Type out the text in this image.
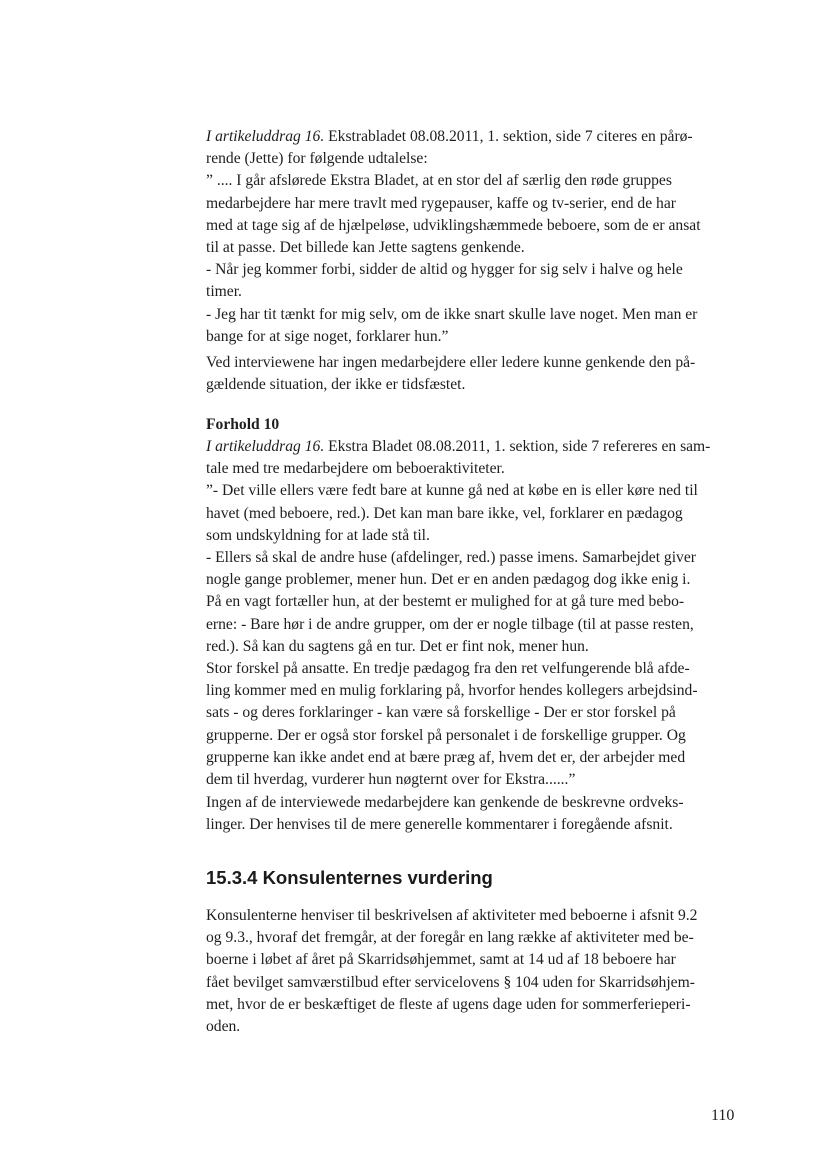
I artikeluddrag 16. Ekstrabladet 08.08.2011, 1. sektion, side 7 citeres en pårø-
rende (Jette) for følgende udtalelse:
” .... I går afslørede Ekstra Bladet, at en stor del af særlig den røde gruppes
medarbejdere har mere travlt med rygepauser, kaffe og tv-serier, end de har
med at tage sig af de hjælpeløse, udviklingshæmmede beboere, som de er ansat
til at passe. Det billede kan Jette sagtens genkende.
- Når jeg kommer forbi, sidder de altid og hygger for sig selv i halve og hele
timer.
- Jeg har tit tænkt for mig selv, om de ikke snart skulle lave noget. Men man er
bange for at sige noget, forklarer hun.”
Ved interviewene har ingen medarbejdere eller ledere kunne genkende den på-
gældende situation, der ikke er tidsfæstet.
Forhold 10
I artikeluddrag 16. Ekstra Bladet 08.08.2011, 1. sektion, side 7 refereres en sam-
tale med tre medarbejdere om beboeraktiviteter.
”- Det ville ellers være fedt bare at kunne gå ned at købe en is eller køre ned til
havet (med beboere, red.). Det kan man bare ikke, vel, forklarer en pædagog
som undskyldning for at lade stå til.
- Ellers så skal de andre huse (afdelinger, red.) passe imens. Samarbejdet giver
nogle gange problemer, mener hun. Det er en anden pædagog dog ikke enig i.
På en vagt fortæller hun, at der bestemt er mulighed for at gå ture med bebo-
erne: - Bare hør i de andre grupper, om der er nogle tilbage (til at passe resten,
red.). Så kan du sagtens gå en tur. Det er fint nok, mener hun.
Stor forskel på ansatte. En tredje pædagog fra den ret velfungerende blå afde-
ling kommer med en mulig forklaring på, hvorfor hendes kollegers arbejdsind-
sats - og deres forklaringer - kan være så forskellige - Der er stor forskel på
grupperne. Der er også stor forskel på personalet i de forskellige grupper. Og
grupperne kan ikke andet end at bære præg af, hvem det er, der arbejder med
dem til hverdag, vurderer hun nøgternt over for Ekstra......”
Ingen af de interviewede medarbejdere kan genkende de beskrevne ordveks-
linger. Der henvises til de mere generelle kommentarer i foregående afsnit.
15.3.4 Konsulenternes vurdering
Konsulenterne henviser til beskrivelsen af aktiviteter med beboerne i afsnit 9.2
og 9.3., hvoraf det fremgår, at der foregår en lang række af aktiviteter med be-
boerne i løbet af året på Skarridsøhjemmet, samt at 14 ud af 18 beboere har
fået bevilget samværstilbud efter servicelovens § 104 uden for Skarridsøhjem-
met, hvor de er beskæftiget de fleste af ugens dage uden for sommerferieperi-
oden.
110
